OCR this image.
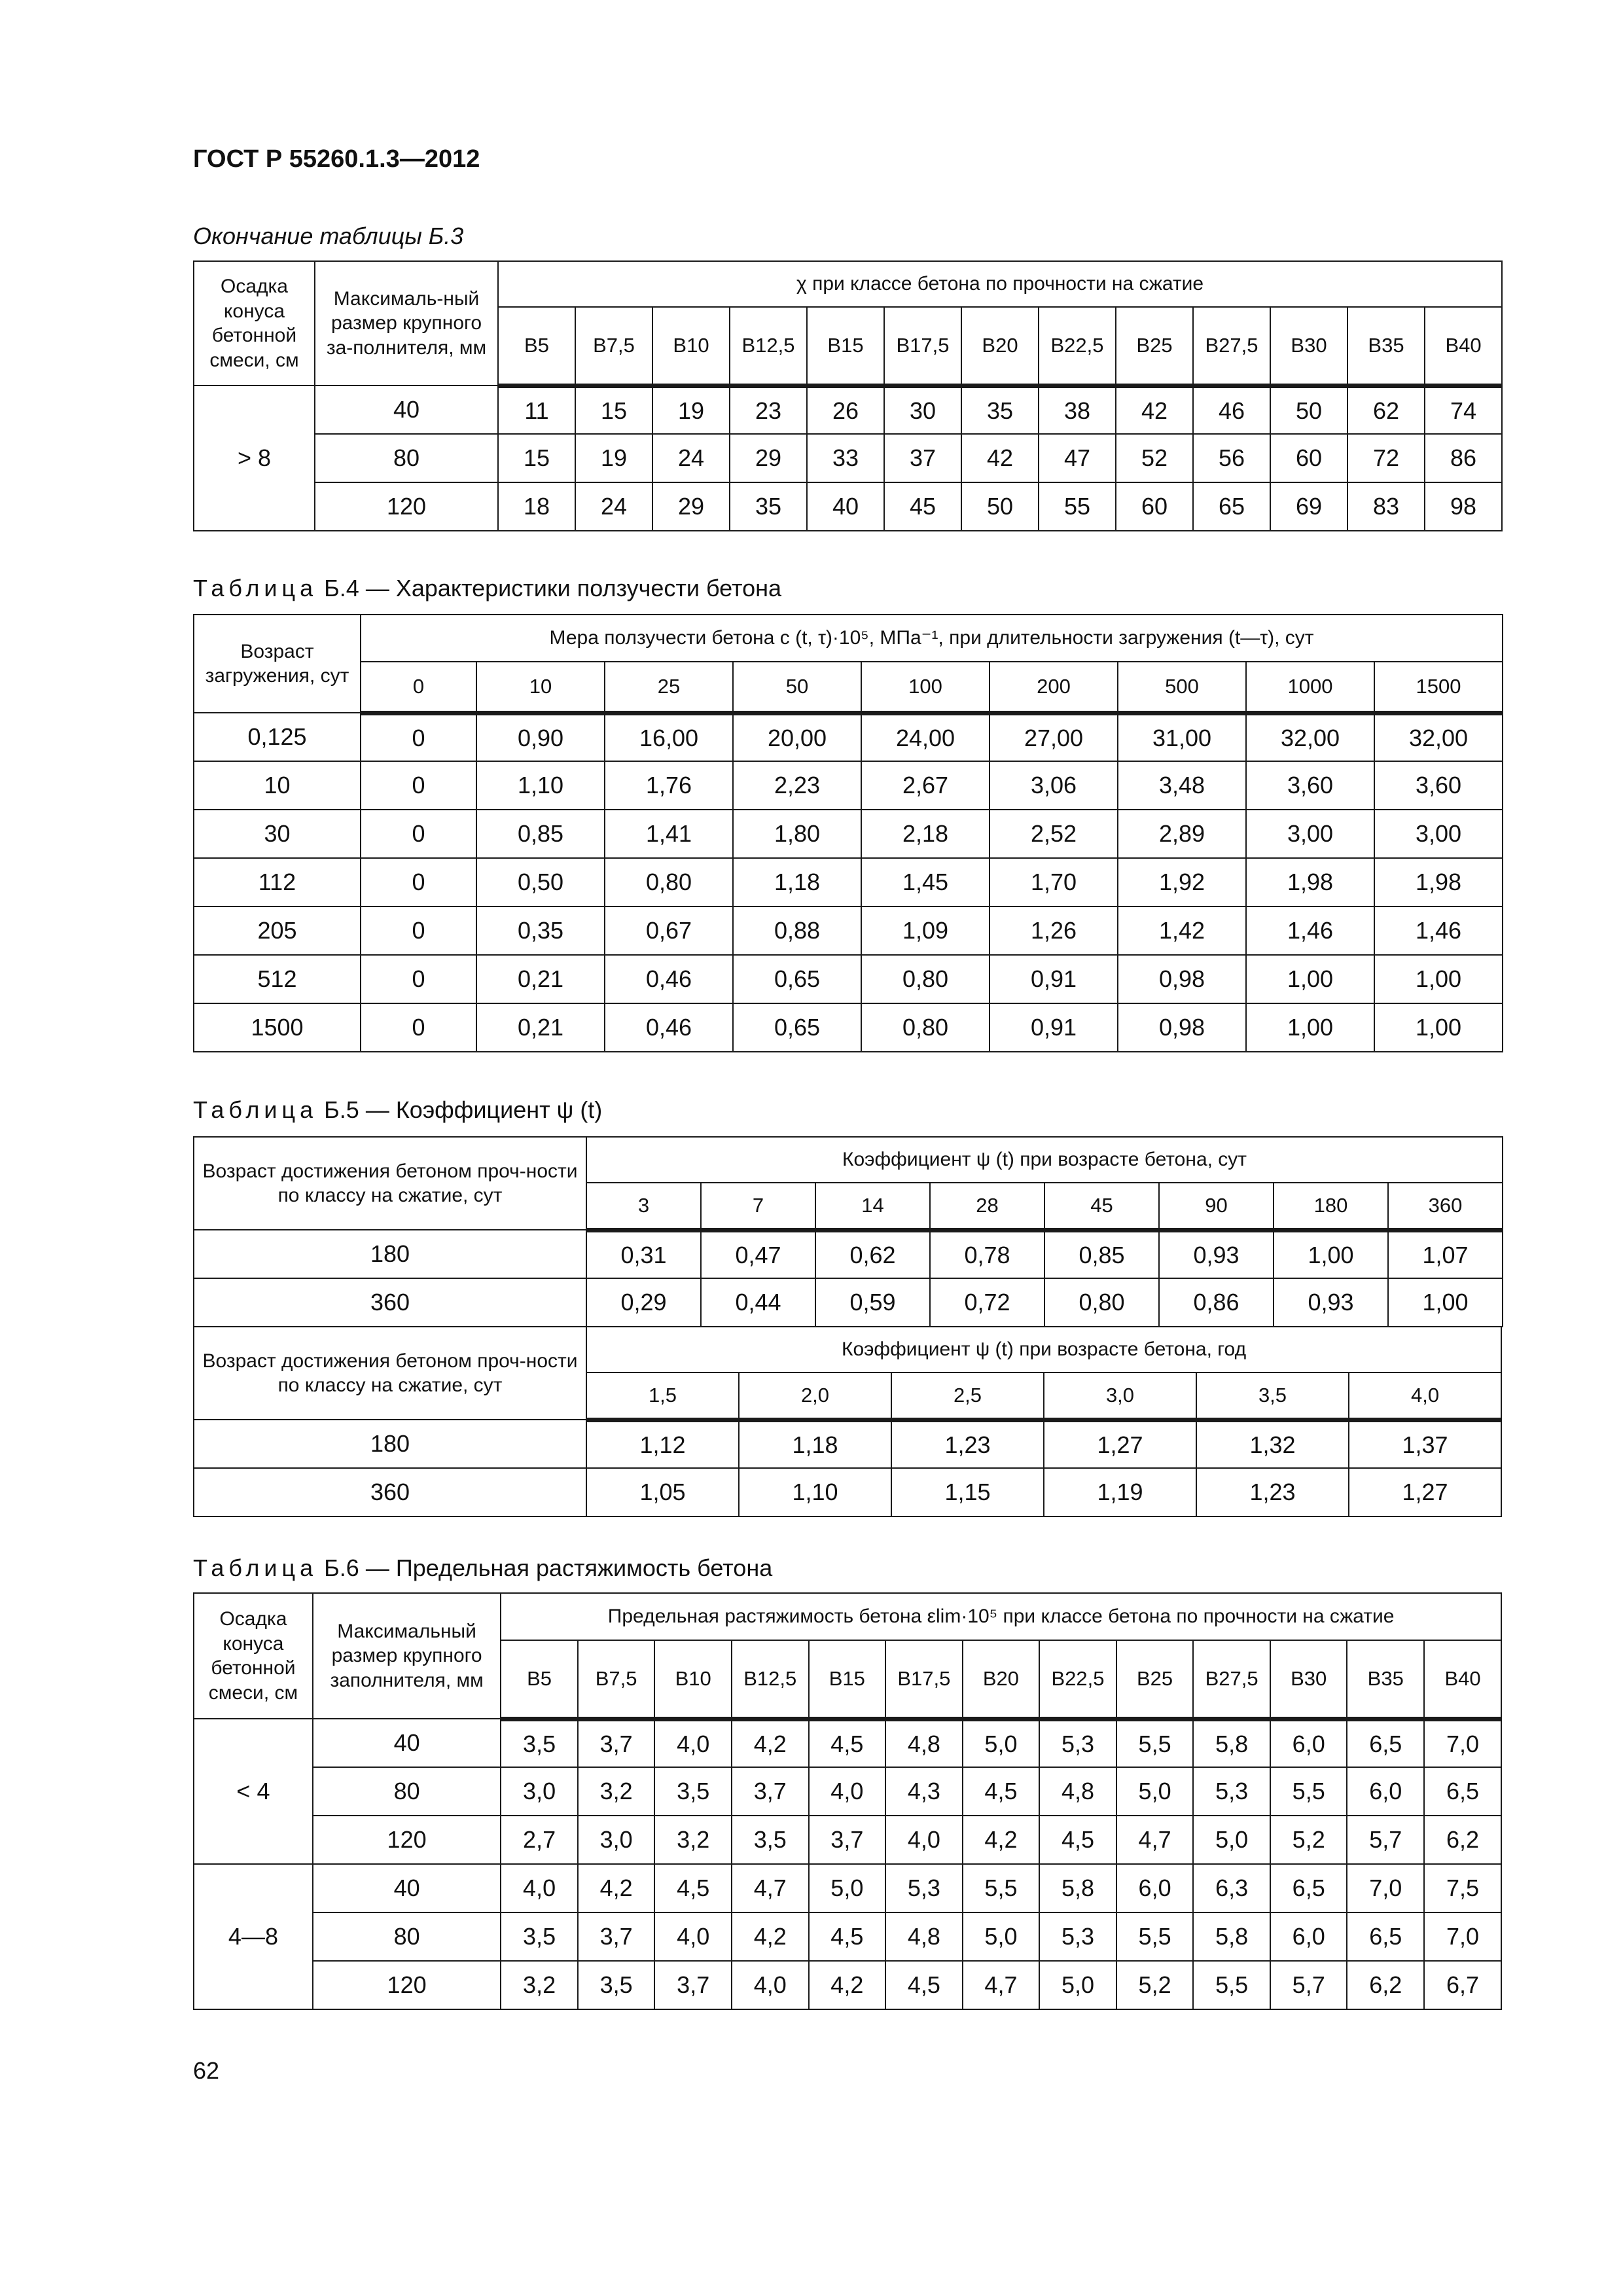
ГОСТ Р 55260.1.3—2012
Окончание таблицы Б.3
Осадка конуса бетонной смеси, см	Максималь-ный размер крупного за-полнителя, мм	χ при классе бетона по прочности на сжатие												
		B5	B7,5	B10	B12,5	B15	B17,5	B20	B22,5	B25	B27,5	B30	B35	B40
> 8	40	11	15	19	23	26	30	35	38	42	46	50	62	74
	80	15	19	24	29	33	37	42	47	52	56	60	72	86
	120	18	24	29	35	40	45	50	55	60	65	69	83	98
Таблица Б.4 — Характеристики ползучести бетона
Возраст загружения, сут	Мера ползучести бетона c (t, τ)·10⁵, МПа⁻¹, при длительности загружения (t—τ), сут								
	0	10	25	50	100	200	500	1000	1500
0,125	0	0,90	16,00	20,00	24,00	27,00	31,00	32,00	32,00
10	0	1,10	1,76	2,23	2,67	3,06	3,48	3,60	3,60
30	0	0,85	1,41	1,80	2,18	2,52	2,89	3,00	3,00
112	0	0,50	0,80	1,18	1,45	1,70	1,92	1,98	1,98
205	0	0,35	0,67	0,88	1,09	1,26	1,42	1,46	1,46
512	0	0,21	0,46	0,65	0,80	0,91	0,98	1,00	1,00
1500	0	0,21	0,46	0,65	0,80	0,91	0,98	1,00	1,00
Таблица Б.5 — Коэффициент ψ (t)
Возраст достижения бетоном проч-ности по классу на сжатие, сут	Коэффициент ψ (t) при возрасте бетона, сут							
	3	7	14	28	45	90	180	360
180	0,31	0,47	0,62	0,78	0,85	0,93	1,00	1,07
360	0,29	0,44	0,59	0,72	0,80	0,86	0,93	1,00
Возраст достижения бетоном проч-ности по классу на сжатие, сут	Коэффициент ψ (t) при возрасте бетона, год					
	1,5	2,0	2,5	3,0	3,5	4,0
180	1,12	1,18	1,23	1,27	1,32	1,37
360	1,05	1,10	1,15	1,19	1,23	1,27
Таблица Б.6 — Предельная растяжимость бетона
Осадка конуса бетонной смеси, см	Максимальный размер крупного заполнителя, мм	Предельная растяжимость бетона εlim·10⁵ при классе бетона по прочности на сжатие												
		B5	B7,5	B10	B12,5	B15	B17,5	B20	B22,5	B25	B27,5	B30	B35	B40
< 4	40	3,5	3,7	4,0	4,2	4,5	4,8	5,0	5,3	5,5	5,8	6,0	6,5	7,0
	80	3,0	3,2	3,5	3,7	4,0	4,3	4,5	4,8	5,0	5,3	5,5	6,0	6,5
	120	2,7	3,0	3,2	3,5	3,7	4,0	4,2	4,5	4,7	5,0	5,2	5,7	6,2
4—8	40	4,0	4,2	4,5	4,7	5,0	5,3	5,5	5,8	6,0	6,3	6,5	7,0	7,5
	80	3,5	3,7	4,0	4,2	4,5	4,8	5,0	5,3	5,5	5,8	6,0	6,5	7,0
	120	3,2	3,5	3,7	4,0	4,2	4,5	4,7	5,0	5,2	5,5	5,7	6,2	6,7
62
